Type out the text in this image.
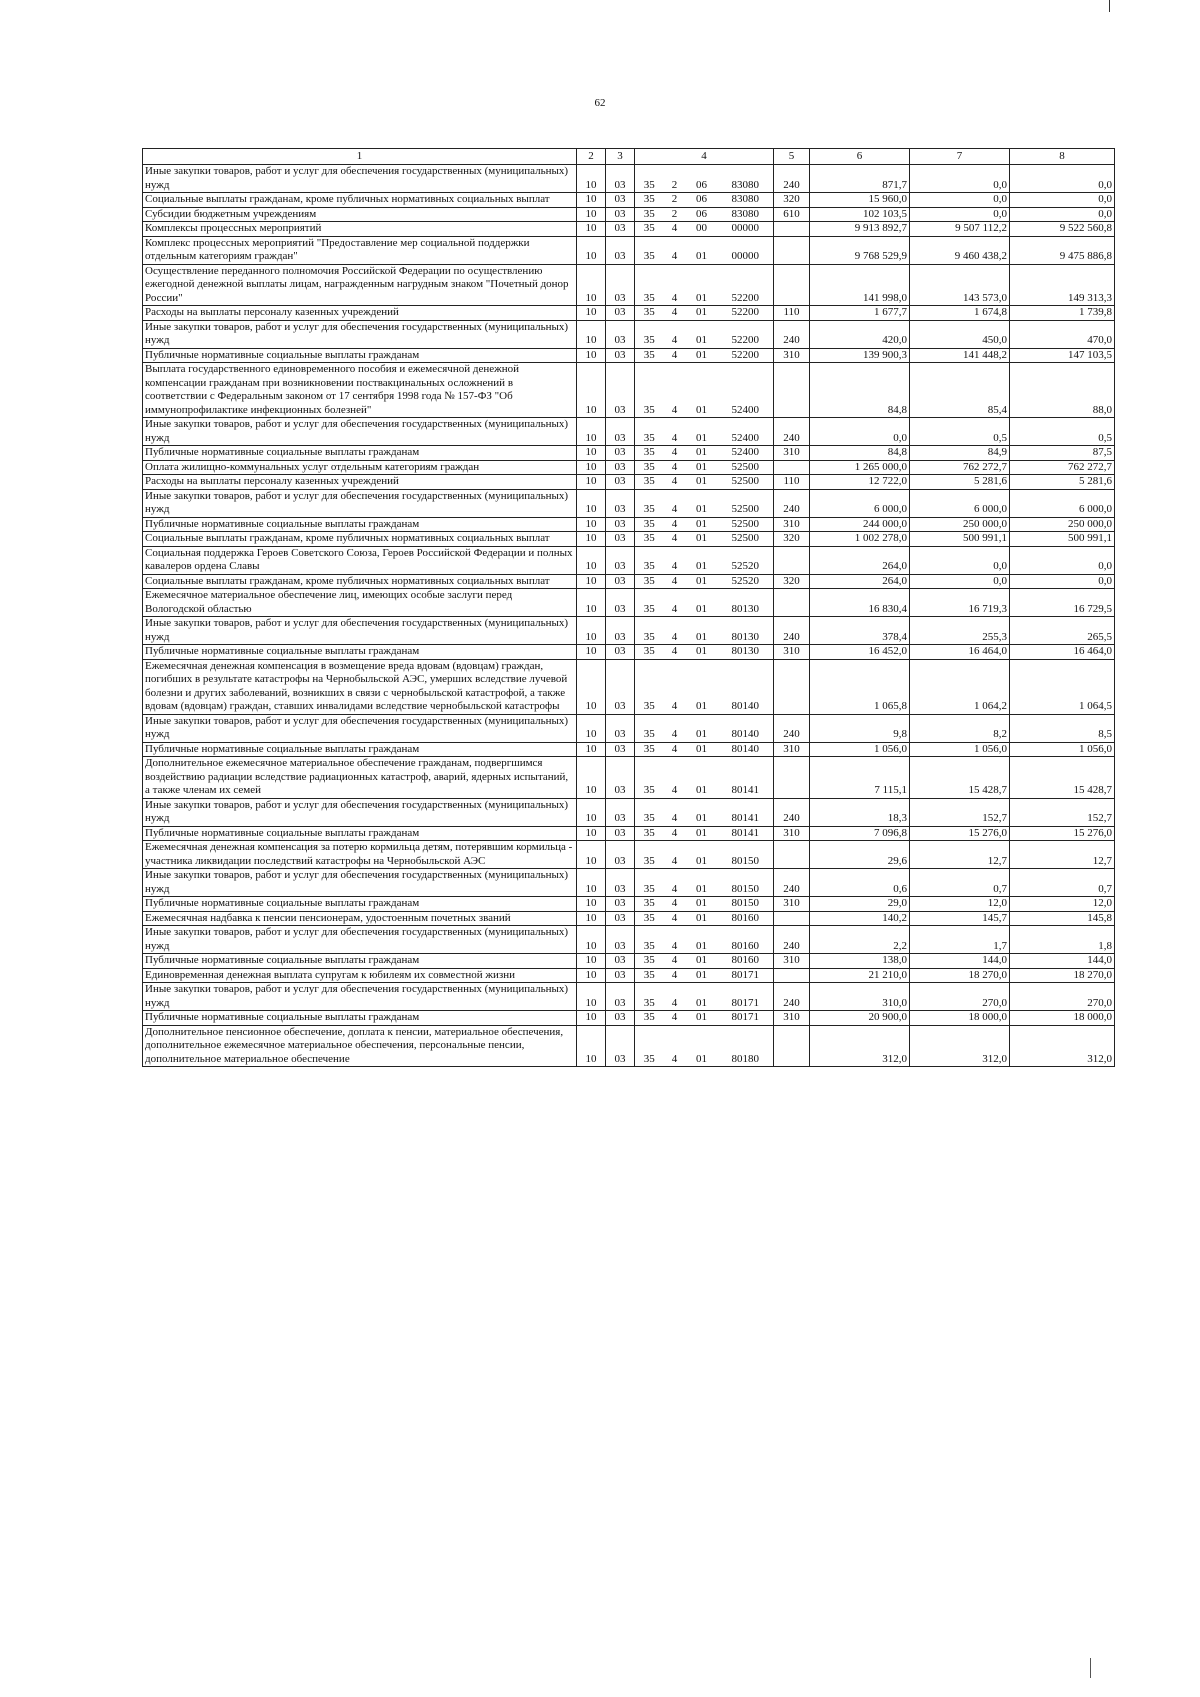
62
1	2	3	4				5	6	7	8
Иные закупки товаров, работ и услуг для обеспечения государственных (муниципальных) нужд	10	03	35	2	06	83080	240	871,7	0,0	0,0
Социальные выплаты гражданам, кроме публичных нормативных социальных выплат	10	03	35	2	06	83080	320	15 960,0	0,0	0,0
Субсидии бюджетным учреждениям	10	03	35	2	06	83080	610	102 103,5	0,0	0,0
Комплексы процессных мероприятий	10	03	35	4	00	00000		9 913 892,7	9 507 112,2	9 522 560,8
Комплекс процессных мероприятий "Предоставление мер социальной поддержки отдельным категориям граждан"	10	03	35	4	01	00000		9 768 529,9	9 460 438,2	9 475 886,8
Осуществление переданного полномочия Российской Федерации по осуществлению ежегодной денежной выплаты лицам, награжденным нагрудным знаком "Почетный донор России"	10	03	35	4	01	52200		141 998,0	143 573,0	149 313,3
Расходы на выплаты персоналу казенных учреждений	10	03	35	4	01	52200	110	1 677,7	1 674,8	1 739,8
Иные закупки товаров, работ и услуг для обеспечения государственных (муниципальных) нужд	10	03	35	4	01	52200	240	420,0	450,0	470,0
Публичные нормативные социальные выплаты гражданам	10	03	35	4	01	52200	310	139 900,3	141 448,2	147 103,5
Выплата государственного единовременного пособия и ежемесячной денежной компенсации гражданам при возникновении поствакцинальных осложнений в соответствии с Федеральным законом от 17 сентября 1998 года № 157-ФЗ "Об иммунопрофилактике инфекционных болезней"	10	03	35	4	01	52400		84,8	85,4	88,0
Иные закупки товаров, работ и услуг для обеспечения государственных (муниципальных) нужд	10	03	35	4	01	52400	240	0,0	0,5	0,5
Публичные нормативные социальные выплаты гражданам	10	03	35	4	01	52400	310	84,8	84,9	87,5
Оплата жилищно-коммунальных услуг отдельным категориям граждан	10	03	35	4	01	52500		1 265 000,0	762 272,7	762 272,7
Расходы на выплаты персоналу казенных учреждений	10	03	35	4	01	52500	110	12 722,0	5 281,6	5 281,6
Иные закупки товаров, работ и услуг для обеспечения государственных (муниципальных) нужд	10	03	35	4	01	52500	240	6 000,0	6 000,0	6 000,0
Публичные нормативные социальные выплаты гражданам	10	03	35	4	01	52500	310	244 000,0	250 000,0	250 000,0
Социальные выплаты гражданам, кроме публичных нормативных социальных выплат	10	03	35	4	01	52500	320	1 002 278,0	500 991,1	500 991,1
Социальная поддержка Героев Советского Союза, Героев Российской Федерации и полных кавалеров ордена Славы	10	03	35	4	01	52520		264,0	0,0	0,0
Социальные выплаты гражданам, кроме публичных нормативных социальных выплат	10	03	35	4	01	52520	320	264,0	0,0	0,0
Ежемесячное материальное обеспечение лиц, имеющих особые заслуги перед Вологодской областью	10	03	35	4	01	80130		16 830,4	16 719,3	16 729,5
Иные закупки товаров, работ и услуг для обеспечения государственных (муниципальных) нужд	10	03	35	4	01	80130	240	378,4	255,3	265,5
Публичные нормативные социальные выплаты гражданам	10	03	35	4	01	80130	310	16 452,0	16 464,0	16 464,0
Ежемесячная денежная компенсация в возмещение вреда вдовам (вдовцам) граждан, погибших в результате катастрофы на Чернобыльской АЭС, умерших вследствие лучевой болезни и других заболеваний, возникших в связи с чернобыльской катастрофой, а также вдовам (вдовцам) граждан, ставших инвалидами вследствие чернобыльской катастрофы	10	03	35	4	01	80140		1 065,8	1 064,2	1 064,5
Иные закупки товаров, работ и услуг для обеспечения государственных (муниципальных) нужд	10	03	35	4	01	80140	240	9,8	8,2	8,5
Публичные нормативные социальные выплаты гражданам	10	03	35	4	01	80140	310	1 056,0	1 056,0	1 056,0
Дополнительное ежемесячное материальное обеспечение гражданам, подвергшимся воздействию радиации вследствие радиационных катастроф, аварий, ядерных испытаний, а также членам их семей	10	03	35	4	01	80141		7 115,1	15 428,7	15 428,7
Иные закупки товаров, работ и услуг для обеспечения государственных (муниципальных) нужд	10	03	35	4	01	80141	240	18,3	152,7	152,7
Публичные нормативные социальные выплаты гражданам	10	03	35	4	01	80141	310	7 096,8	15 276,0	15 276,0
Ежемесячная денежная компенсация за потерю кормильца детям, потерявшим кормильца - участника ликвидации последствий катастрофы на Чернобыльской АЭС	10	03	35	4	01	80150		29,6	12,7	12,7
Иные закупки товаров, работ и услуг для обеспечения государственных (муниципальных) нужд	10	03	35	4	01	80150	240	0,6	0,7	0,7
Публичные нормативные социальные выплаты гражданам	10	03	35	4	01	80150	310	29,0	12,0	12,0
Ежемесячная надбавка к пенсии пенсионерам, удостоенным почетных званий	10	03	35	4	01	80160		140,2	145,7	145,8
Иные закупки товаров, работ и услуг для обеспечения государственных (муниципальных) нужд	10	03	35	4	01	80160	240	2,2	1,7	1,8
Публичные нормативные социальные выплаты гражданам	10	03	35	4	01	80160	310	138,0	144,0	144,0
Единовременная денежная выплата супругам к юбилеям их совместной жизни	10	03	35	4	01	80171		21 210,0	18 270,0	18 270,0
Иные закупки товаров, работ и услуг для обеспечения государственных (муниципальных) нужд	10	03	35	4	01	80171	240	310,0	270,0	270,0
Публичные нормативные социальные выплаты гражданам	10	03	35	4	01	80171	310	20 900,0	18 000,0	18 000,0
Дополнительное пенсионное обеспечение, доплата к пенсии, материальное обеспечения, дополнительное ежемесячное материальное обеспечения, персональные пенсии, дополнительное материальное обеспечение	10	03	35	4	01	80180		312,0	312,0	312,0
